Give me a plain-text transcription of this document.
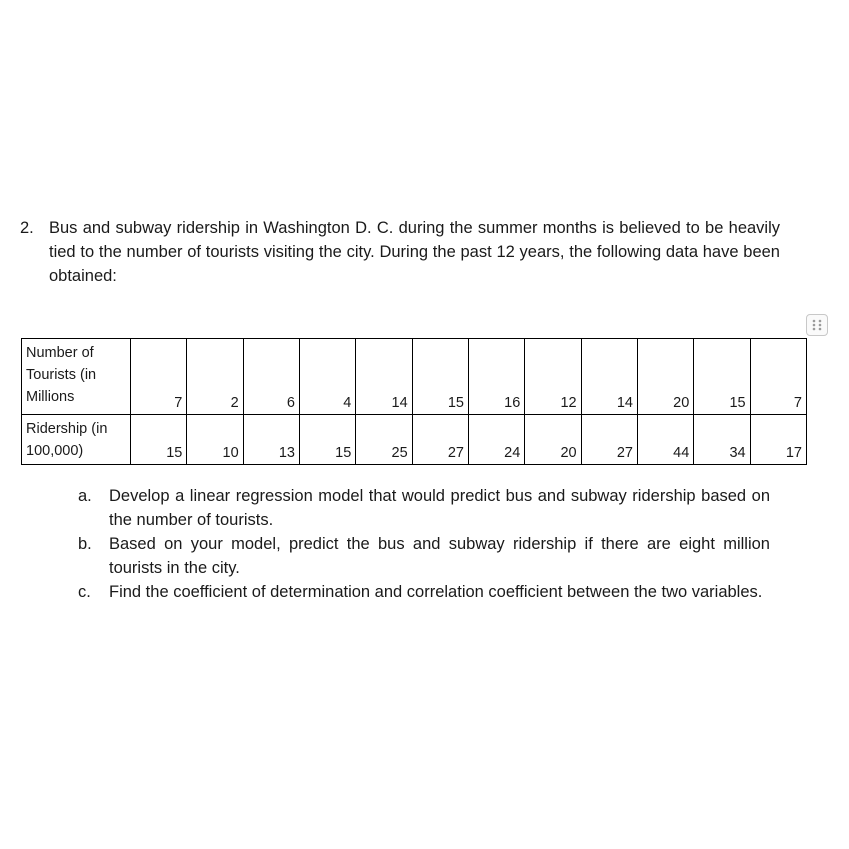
2. Bus and subway ridership in Washington D. C. during the summer months is believed to be heavily tied to the number of tourists visiting the city. During the past 12 years, the following data have been obtained:
Number of Tourists (in Millions	7	2	6	4	14	15	16	12	14	20	15	7
Ridership (in 100,000)	15	10	13	15	25	27	24	20	27	44	34	17
a. Develop a linear regression model that would predict bus and subway ridership based on the number of tourists.
b. Based on your model, predict the bus and subway ridership if there are eight million tourists in the city.
c. Find the coefficient of determination and correlation coefficient between the two variables.
